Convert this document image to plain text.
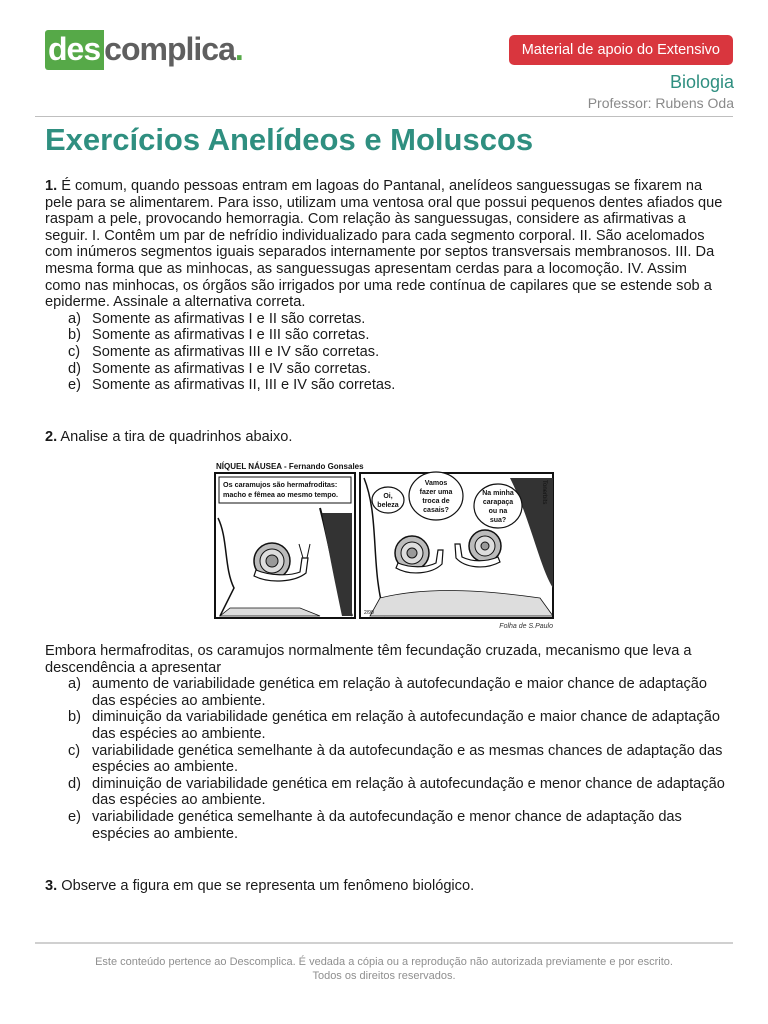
des complica.	Material de apoio do Extensivo
Biologia
Professor: Rubens Oda
Exercícios Anelídeos e Moluscos

1. É comum, quando pessoas entram em lagoas do Pantanal, anelídeos sanguessugas se fixarem na pele para se alimentarem. Para isso, utilizam uma ventosa oral que possui pequenos dentes afiados que raspam a pele, provocando hemorragia. Com relação às sanguessugas, considere as afirmativas a seguir. I. Contêm um par de nefrídio individualizado para cada segmento corporal. II. São acelomados com inúmeros segmentos iguais separados internamente por septos transversais membranosos. III. Da mesma forma que as minhocas, as sanguessugas apresentam cerdas para a locomoção. IV. Assim como nas minhocas, os órgãos são irrigados por uma rede contínua de capilares que se estende sob a epiderme. Assinale a alternativa correta.

a) Somente as afirmativas I e II são corretas.
b) Somente as afirmativas I e III são corretas.
c) Somente as afirmativas III e IV são corretas.
d) Somente as afirmativas I e IV são corretas.
e) Somente as afirmativas II, III e IV são corretas.

2. Analise a tira de quadrinhos abaixo.

NÍQUEL NÁUSEA - Fernando Gonsales
Os caramujos são hermafroditas:
macho e fêmea ao mesmo tempo.	Oi,
beleza
Vamos
fazer uma
troca de
casais?
Na minha
carapaça
ou na
sua?
Tonerbits
2/90
Folha de S.Paulo

Embora hermafroditas, os caramujos normalmente têm fecundação cruzada, mecanismo que leva a descendência a apresentar

a) aumento de variabilidade genética em relação à autofecundação e maior chance de adaptação das espécies ao ambiente.
b) diminuição da variabilidade genética em relação à autofecundação e maior chance de adaptação das espécies ao ambiente.
c) variabilidade genética semelhante à da autofecundação e as mesmas chances de adaptação das espécies ao ambiente.
d) diminuição de variabilidade genética em relação à autofecundação e menor chance de adaptação das espécies ao ambiente.
e) variabilidade genética semelhante à da autofecundação e menor chance de adaptação das espécies ao ambiente.

3. Observe a figura em que se representa um fenômeno biológico.

Este conteúdo pertence ao Descomplica. É vedada a cópia ou a reprodução não autorizada previamente e por escrito.
Todos os direitos reservados.
